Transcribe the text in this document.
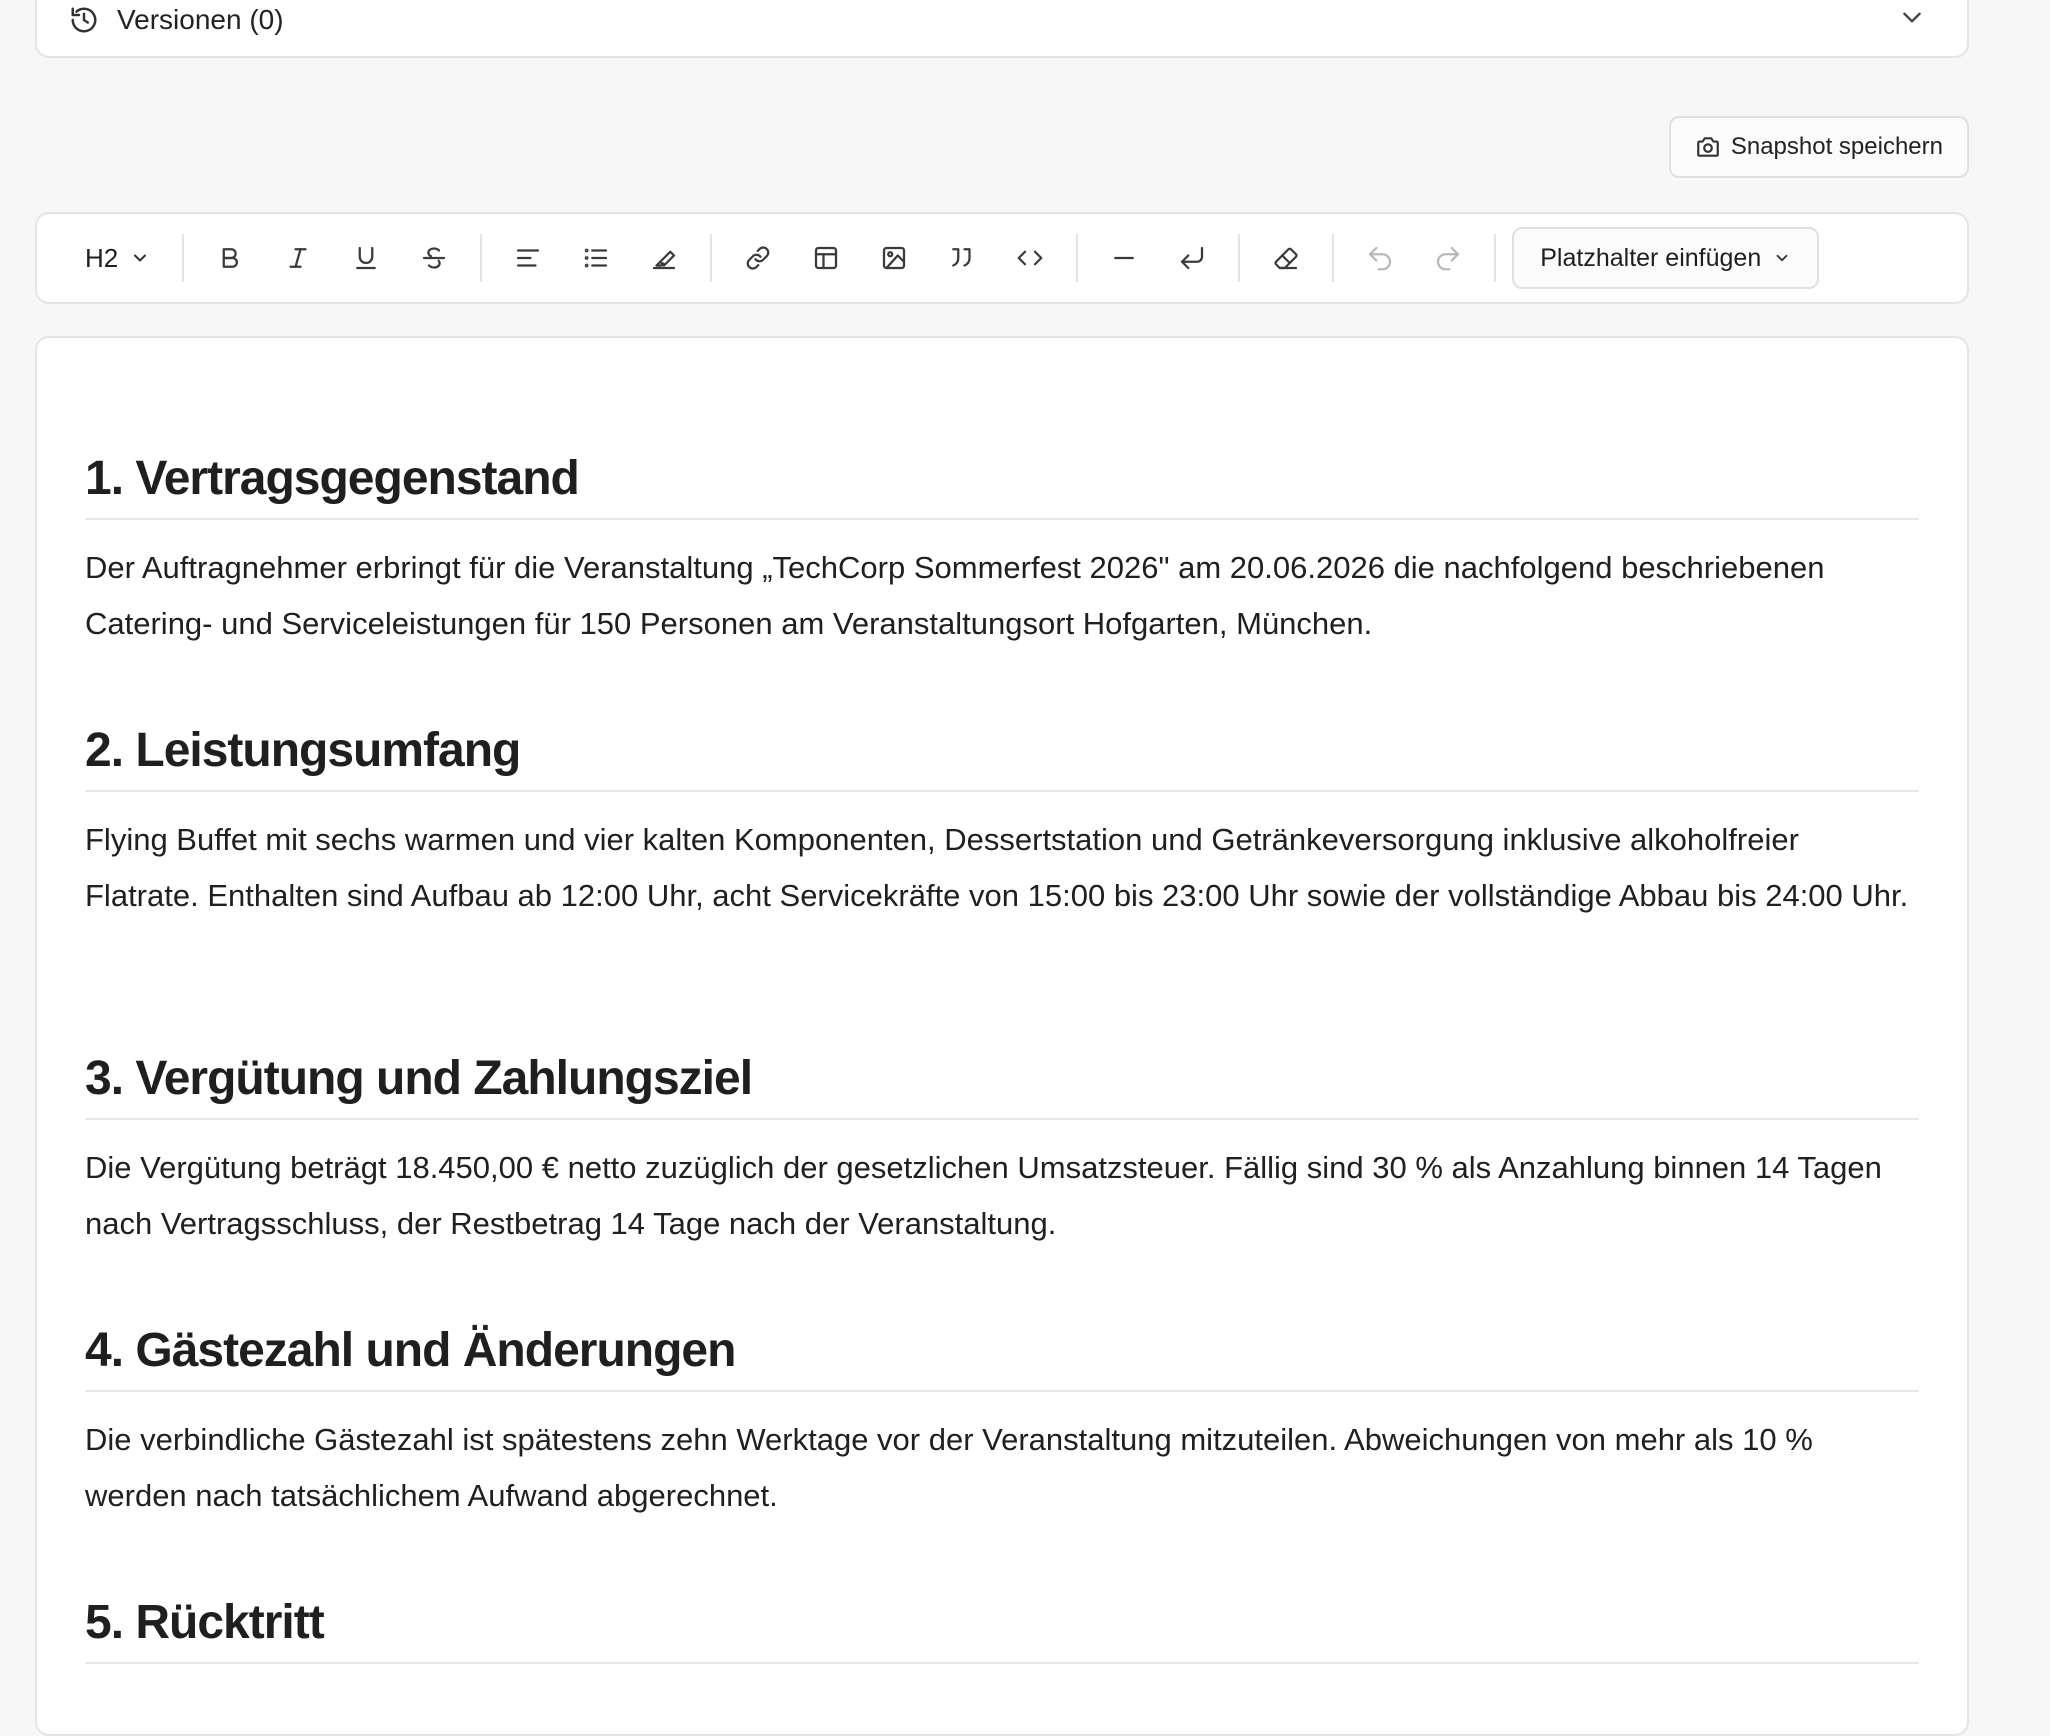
Versionen (0)
Snapshot speichern
H2	Platzhalter einfügen
1. Vertragsgegenstand

Der Auftragnehmer erbringt für die Veranstaltung „TechCorp Sommerfest 2026" am 20.06.2026 die nachfolgend beschriebenen Catering- und Serviceleistungen für 150 Personen am Veranstaltungsort Hofgarten, München.

2. Leistungsumfang

Flying Buffet mit sechs warmen und vier kalten Komponenten, Dessertstation und Getränkeversorgung inklusive alkoholfreier Flatrate. Enthalten sind Aufbau ab 12:00 Uhr, acht Servicekräfte von 15:00 bis 23:00 Uhr sowie der vollständige Abbau bis 24:00 Uhr.

3. Vergütung und Zahlungsziel

Die Vergütung beträgt 18.450,00 € netto zuzüglich der gesetzlichen Umsatzsteuer. Fällig sind 30 % als Anzahlung binnen 14 Tagen nach Vertragsschluss, der Restbetrag 14 Tage nach der Veranstaltung.

4. Gästezahl und Änderungen

Die verbindliche Gästezahl ist spätestens zehn Werktage vor der Veranstaltung mitzuteilen. Abweichungen von mehr als 10 % werden nach tatsächlichem Aufwand abgerechnet.

5. Rücktritt
